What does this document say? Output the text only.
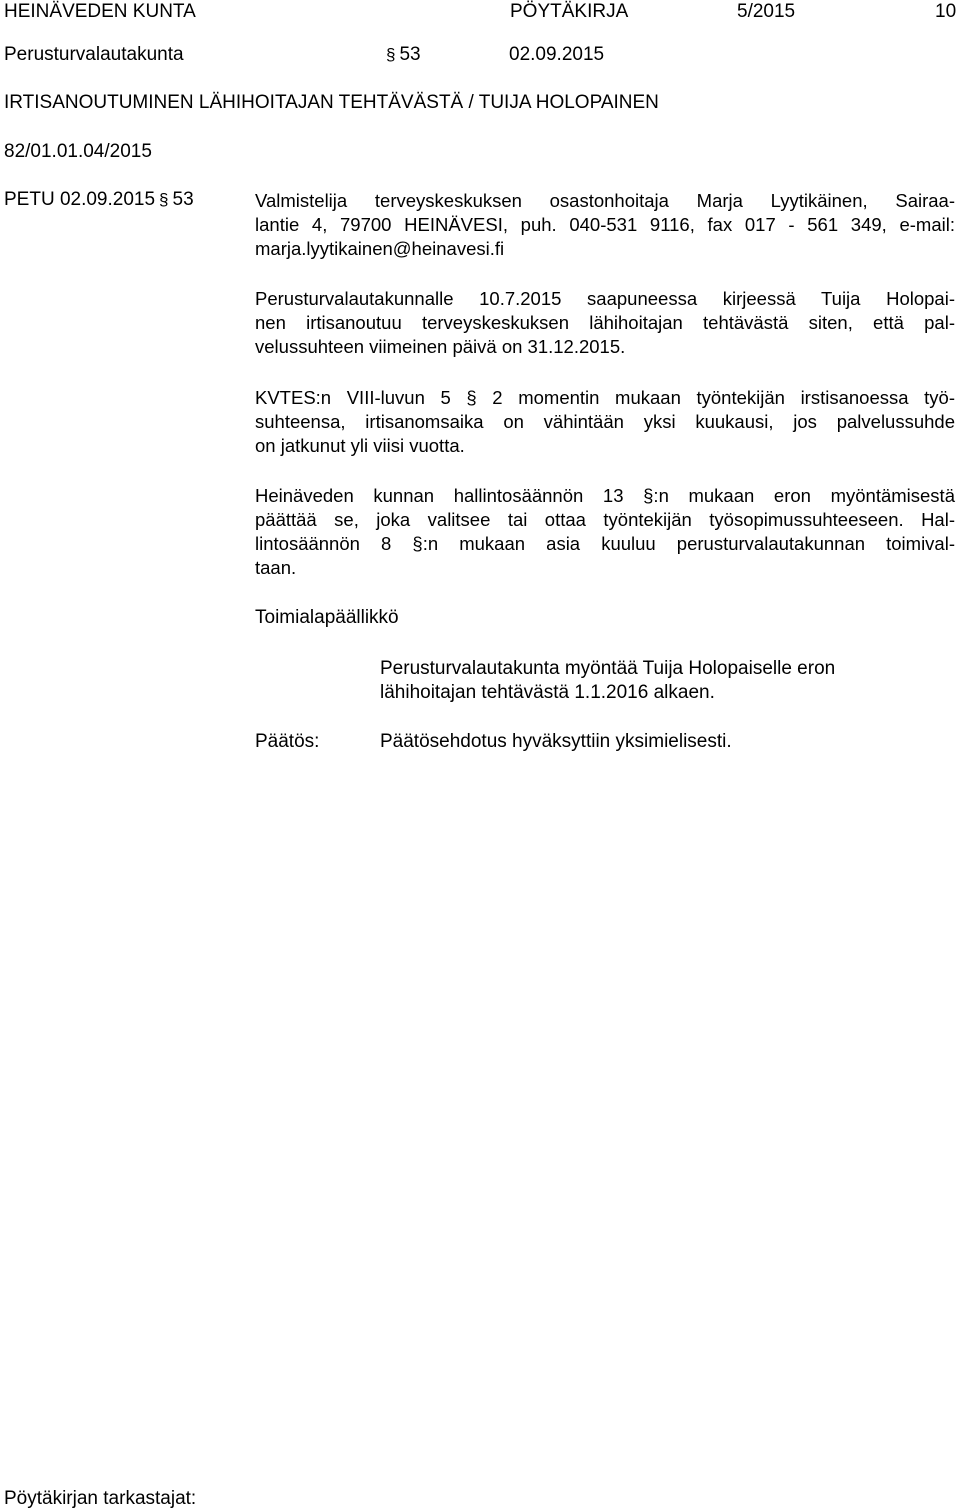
HEINÄVEDEN KUNTA	PÖYTÄKIRJA	5/2015	10
Perusturvalautakunta	§ 53	02.09.2015
IRTISANOUTUMINEN LÄHIHOITAJAN TEHTÄVÄSTÄ / TUIJA HOLOPAINEN
82/01.01.04/2015
PETU 02.09.2015 § 53	Valmistelija terveyskeskuksen osastonhoitaja Marja Lyytikäinen, Sairaa-
lantie 4, 79700 HEINÄVESI, puh. 040-531 9116, fax 017 - 561 349, e-mail:
marja.lyytikainen@heinavesi.fi
Perusturvalautakunnalle 10.7.2015 saapuneessa kirjeessä Tuija Holopai-
nen irtisanoutuu terveyskeskuksen lähihoitajan tehtävästä siten, että pal-
velussuhteen viimeinen päivä on 31.12.2015.
KVTES:n VIII-luvun 5 § 2 momentin mukaan työntekijän irstisanoessa työ-
suhteensa, irtisanomsaika on vähintään yksi kuukausi, jos palvelussuhde
on jatkunut yli viisi vuotta.
Heinäveden kunnan hallintosäännön 13 §:n mukaan eron myöntämisestä
päättää se, joka valitsee tai ottaa työntekijän työsopimussuhteeseen. Hal-
lintosäännön 8 §:n mukaan asia kuuluu perusturvalautakunnan toimival-
taan.
Toimialapäällikkö
Perusturvalautakunta myöntää Tuija Holopaiselle eron
lähihoitajan tehtävästä 1.1.2016 alkaen.
Päätös:	Päätösehdotus hyväksyttiin yksimielisesti.
Pöytäkirjan tarkastajat:
